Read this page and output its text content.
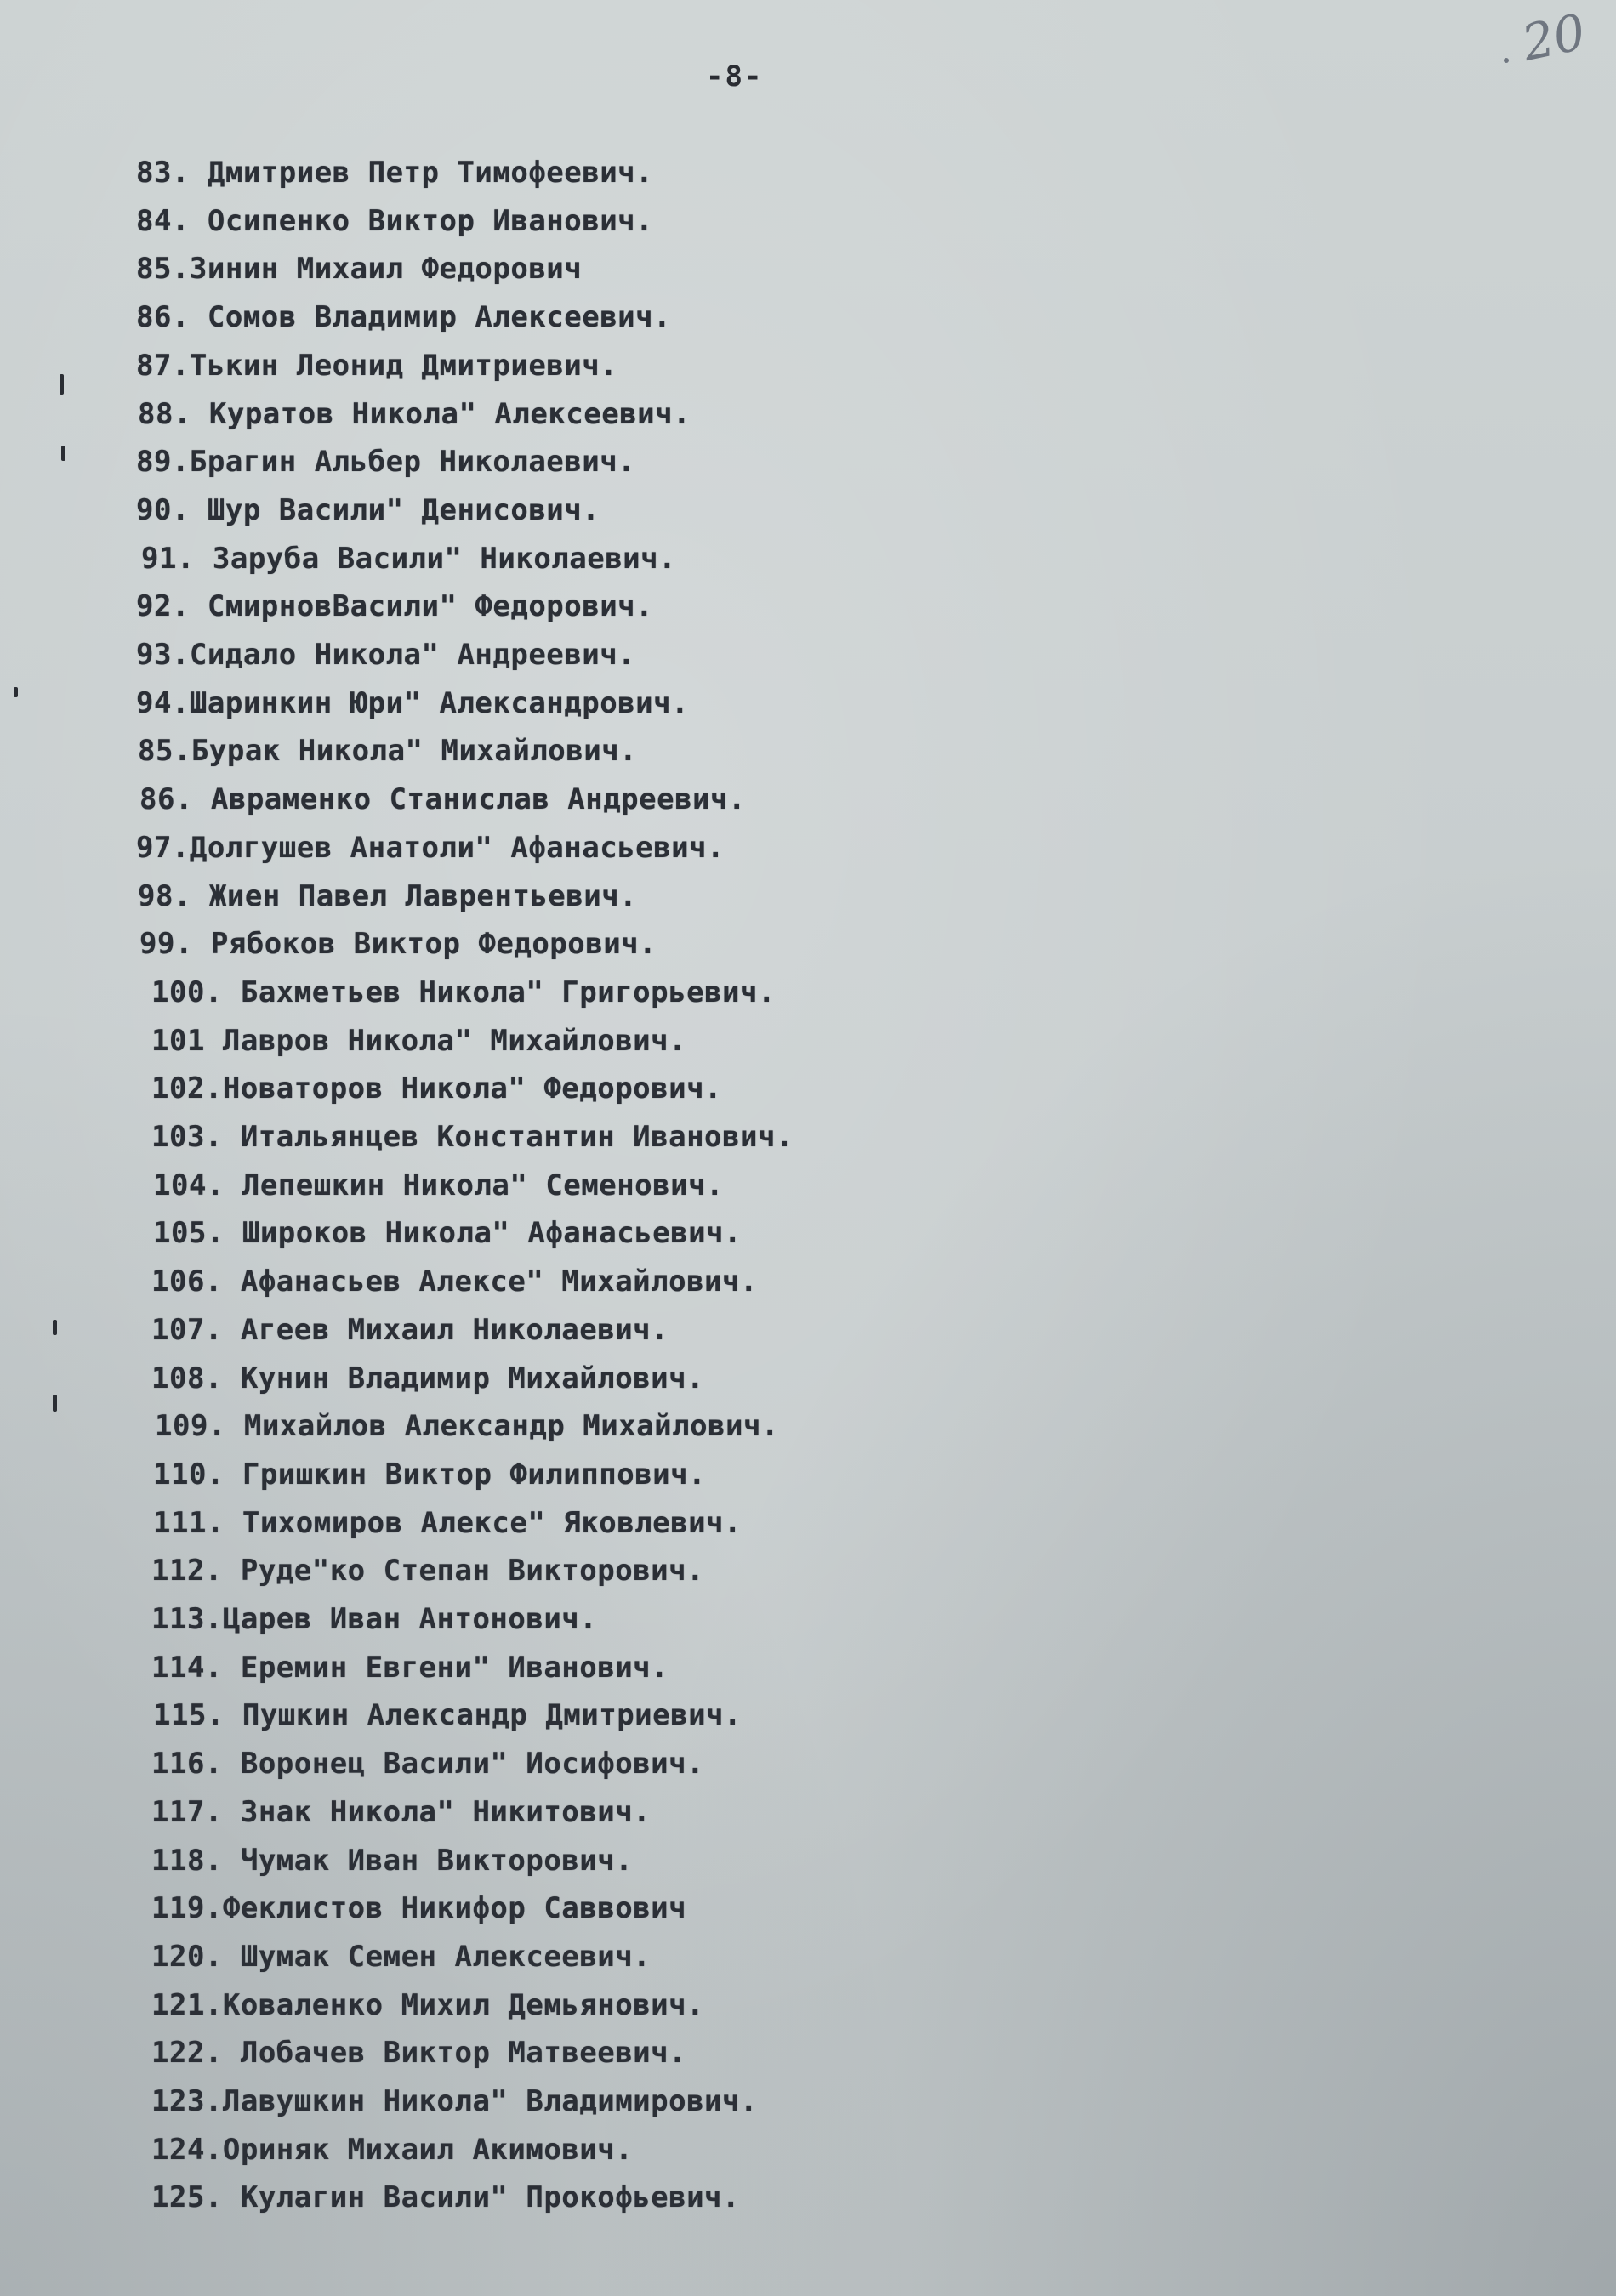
20
-8-
83. Дмитриев Петр Тимофеевич.
84. Осипенко Виктор Иванович.
85.Зинин Михаил Федорович
86. Сомов Владимир Алексеевич.
87.Тькин Леонид Дмитриевич.
88. Куратов Никола" Алексеевич.
89.Брагин Альбер Николаевич.
90. Шур Васили" Денисович.
91. Заруба Васили" Николаевич.
92. СмирновВасили" Федорович.
93.Сидало Никола" Андреевич.
94.Шаринкин Юри" Александрович.
85.Бурак Никола" Михайлович.
86. Авраменко Станислав Андреевич.
97.Долгушев Анатоли" Афанасьевич.
98. Жиен Павел Лаврентьевич.
99. Рябоков Виктор Федорович.
100. Бахметьев Никола" Григорьевич.
101 Лавров Никола" Михайлович.
102.Новаторов Никола" Федорович.
103. Итальянцев Константин Иванович.
104. Лепешкин Никола" Семенович.
105. Широков Никола" Афанасьевич.
106. Афанасьев Алексе" Михайлович.
107. Агеев Михаил Николаевич.
108. Кунин Владимир Михайлович.
109. Михайлов Александр Михайлович.
110. Гришкин Виктор Филиппович.
111. Тихомиров Алексе" Яковлевич.
112. Руде"ко Степан Викторович.
113.Царев Иван Антонович.
114. Еремин Евгени" Иванович.
115. Пушкин Александр Дмитриевич.
116. Воронец Васили" Иосифович.
117. Знак Никола" Никитович.
118. Чумак Иван Викторович.
119.Феклистов Никифор Саввович
120. Шумак Семен Алексеевич.
121.Коваленко Михил Демьянович.
122. Лобачев Виктор Матвеевич.
123.Лавушкин Никола" Владимирович.
124.Ориняк Михаил Акимович.
125. Кулагин Васили" Прокофьевич.
